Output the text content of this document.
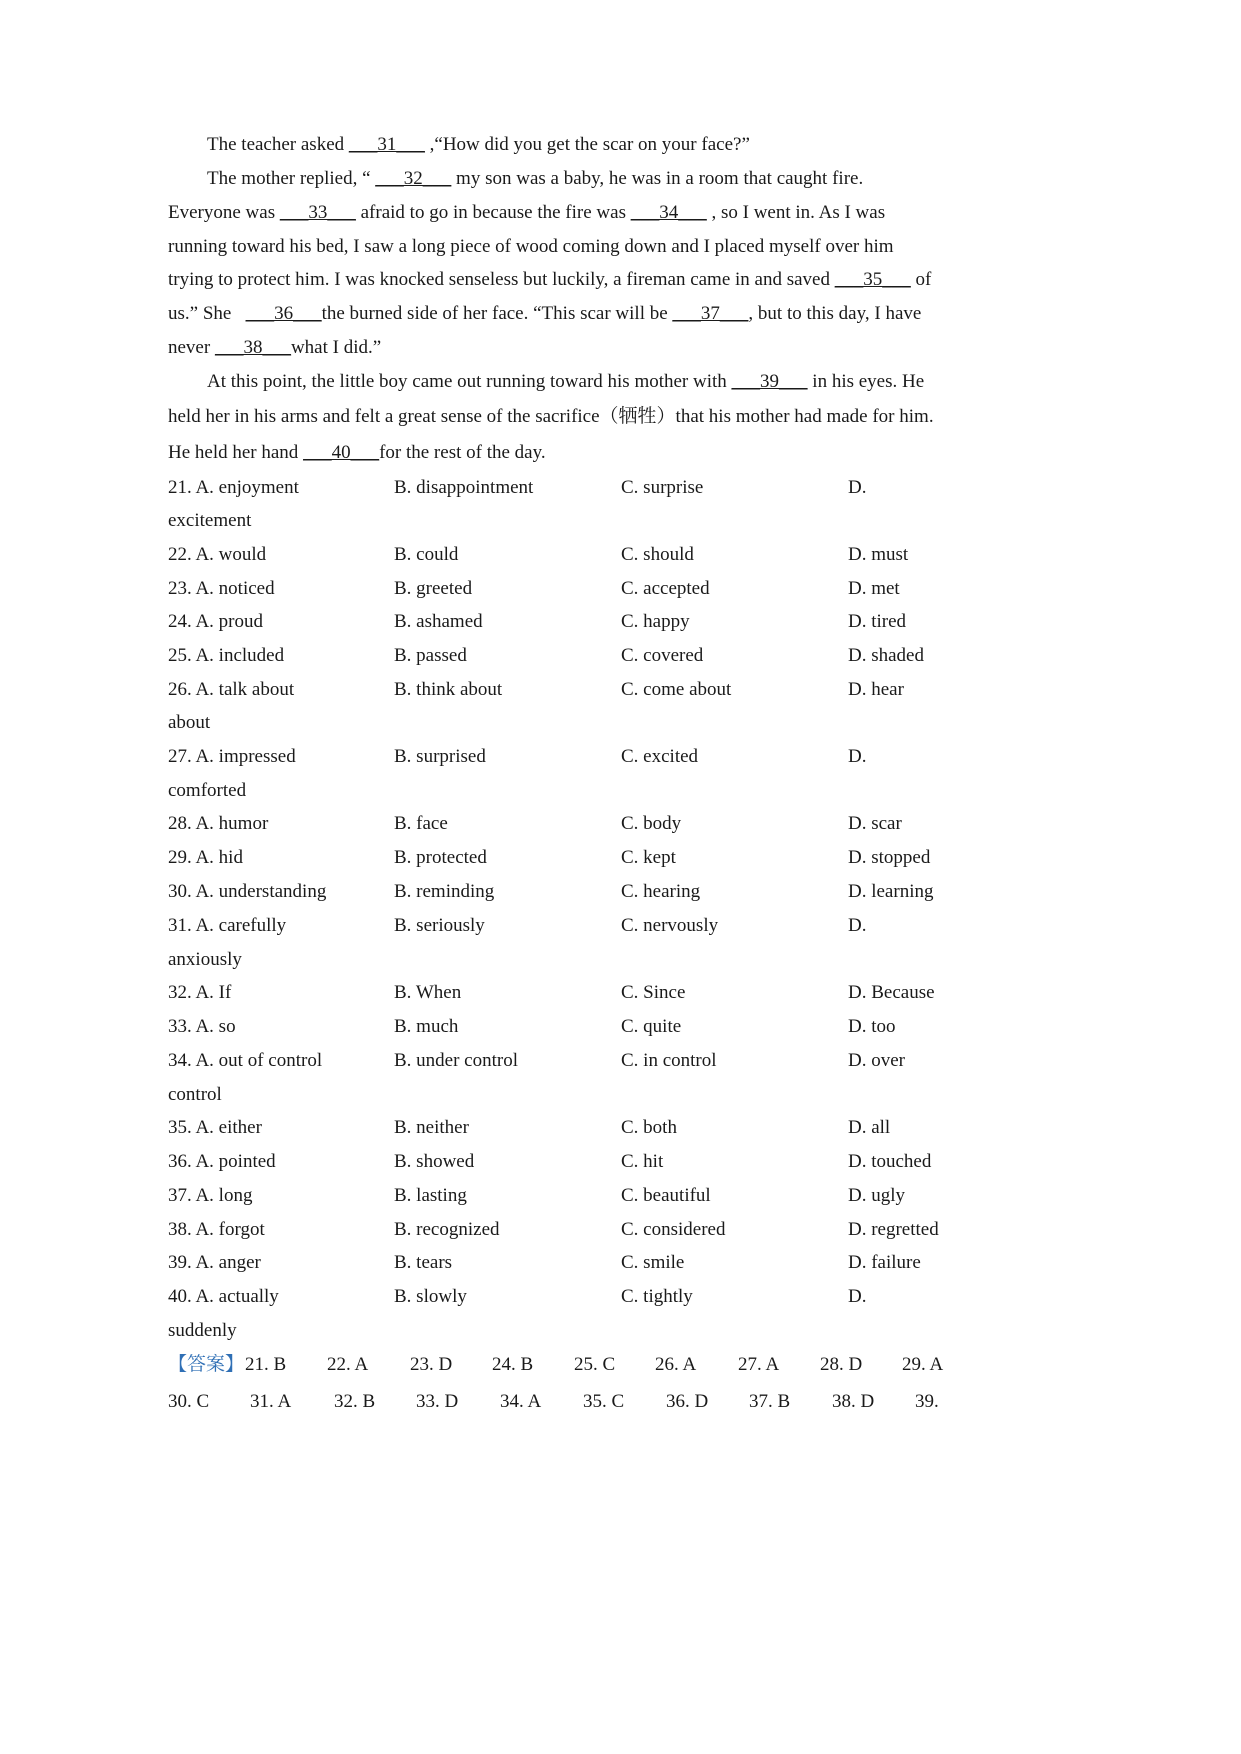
The teacher asked ___31___ ,“How did you get the scar on your face?”
The mother replied, “ ___32___ my son was a baby, he was in a room that caught fire.
Everyone was ___33___ afraid to go in because the fire was ___34___ , so I went in. As I was
running toward his bed, I saw a long piece of wood coming down and I placed myself over him
trying to protect him. I was knocked senseless but luckily, a fireman came in and saved ___35___ of
us.” She   ___36___the burned side of her face. “This scar will be ___37___, but to this day, I have
never ___38___what I did.”
At this point, the little boy came out running toward his mother with ___39___ in his eyes. He
held her in his arms and felt a great sense of the sacrifice（牺牲）that his mother had made for him.
He held her hand ___40___for the rest of the day.
21. A. enjoyment	B. disappointment	C. surprise	D.
excitement
22. A. would	B. could	C. should	D. must
23. A. noticed	B. greeted	C. accepted	D. met
24. A. proud	B. ashamed	C. happy	D. tired
25. A. included	B. passed	C. covered	D. shaded
26. A. talk about	B. think about	C. come about	D. hear
about
27. A. impressed	B. surprised	C. excited	D.
comforted
28. A. humor	B. face	C. body	D. scar
29. A. hid	B. protected	C. kept	D. stopped
30. A. understanding	B. reminding	C. hearing	D. learning
31. A. carefully	B. seriously	C. nervously	D.
anxiously
32. A. If	B. When	C. Since	D. Because
33. A. so	B. much	C. quite	D. too
34. A. out of control	B. under control	C. in control	D. over
control
35. A. either	B. neither	C. both	D. all
36. A. pointed	B. showed	C. hit	D. touched
37. A. long	B. lasting	C. beautiful	D. ugly
38. A. forgot	B. recognized	C. considered	D. regretted
39. A. anger	B. tears	C. smile	D. failure
40. A. actually	B. slowly	C. tightly	D.
suddenly
【答案】 21. B 22. A 23. D 24. B 25. C 26. A 27. A 28. D 29. A
30. C 31. A 32. B 33. D 34. A 35. C 36. D 37. B 38. D 39.
